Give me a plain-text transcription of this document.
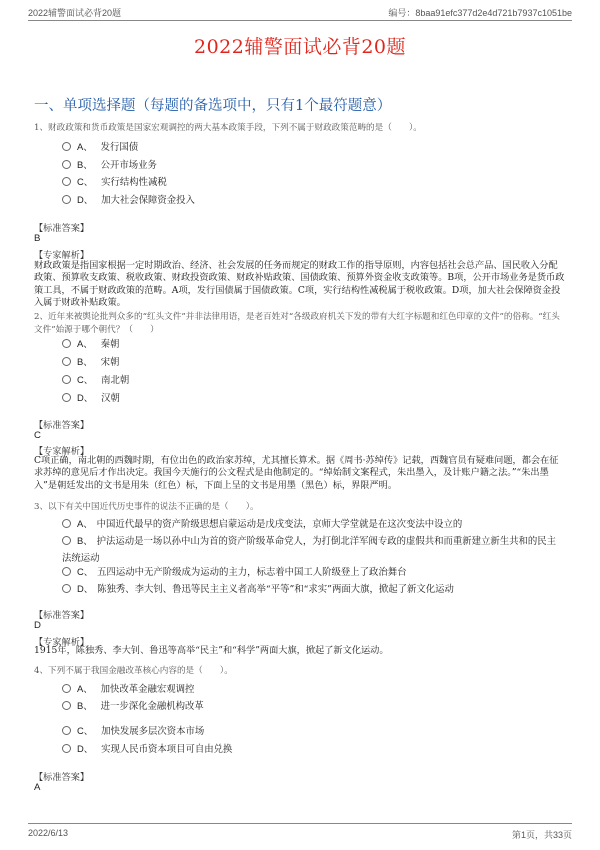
2022辅警面试必背20题	编号：8baa91efc377d2e4d721b7937c1051be
2022辅警面试必背20题
一、单项选择题（每题的备选项中，只有1个最符题意）
1、财政政策和货币政策是国家宏观调控的两大基本政策手段，下列不属于财政政策范畴的是（　　）。
A、 发行国债
B、 公开市场业务
C、 实行结构性减税
D、 加大社会保障资金投入
【标准答案】
B
【专家解析】
财政政策是指国家根据一定时期政治、经济、社会发展的任务而规定的财政工作的指导原则，内容包括社会总产品、国民收入分配政策、预算收支政策、税收政策、财政投资政策、财政补贴政策、国债政策、预算外资金收支政策等。B项，公开市场业务是货币政策工具，不属于财政政策的范畴。A项，发行国债属于国债政策。C项，实行结构性减税属于税收政策。D项，加大社会保障资金投入属于财政补贴政策。
2、近年来被舆论批判众多的“红头文件”并非法律用语，是老百姓对“各级政府机关下发的带有大红字标题和红色印章的文件”的俗称。“红头文件”始源于哪个朝代？（　　）
A、 秦朝
B、 宋朝
C、 南北朝
D、 汉朝
【标准答案】
C
【专家解析】
C项正确，南北朝的西魏时期，有位出色的政治家苏绰，尤其擅长算术。据《周书·苏绰传》记载，西魏官员有疑难问题，都会在征求苏绰的意见后才作出决定。我国今天施行的公文程式是由他制定的。“绰始制文案程式，朱出墨入，及计账户籍之法。”“朱出墨入”是朝廷发出的文书是用朱（红色）标，下面上呈的文书是用墨（黑色）标，界限严明。
3、以下有关中国近代历史事件的说法不正确的是（　　）。
A、 中国近代最早的资产阶级思想启蒙运动是戊戌变法，京师大学堂就是在这次变法中设立的
B、 护法运动是一场以孙中山为首的资产阶级革命党人，为打倒北洋军阀专政的虚假共和而重新建立新生共和的民主法统运动
C、 五四运动中无产阶级成为运动的主力，标志着中国工人阶级登上了政治舞台
D、 陈独秀、李大钊、鲁迅等民主主义者高举“平等”和“求实”两面大旗，掀起了新文化运动
【标准答案】
D
【专家解析】
1915年，陈独秀、李大钊、鲁迅等高举“民主”和“科学”两面大旗，掀起了新文化运动。
4、下列不属于我国金融改革核心内容的是（　　）。
A、 加快改革金融宏观调控
B、 进一步深化金融机构改革
C、 加快发展多层次资本市场
D、 实现人民币资本项目可自由兑换
【标准答案】
A
2022/6/13	第1页，共33页
